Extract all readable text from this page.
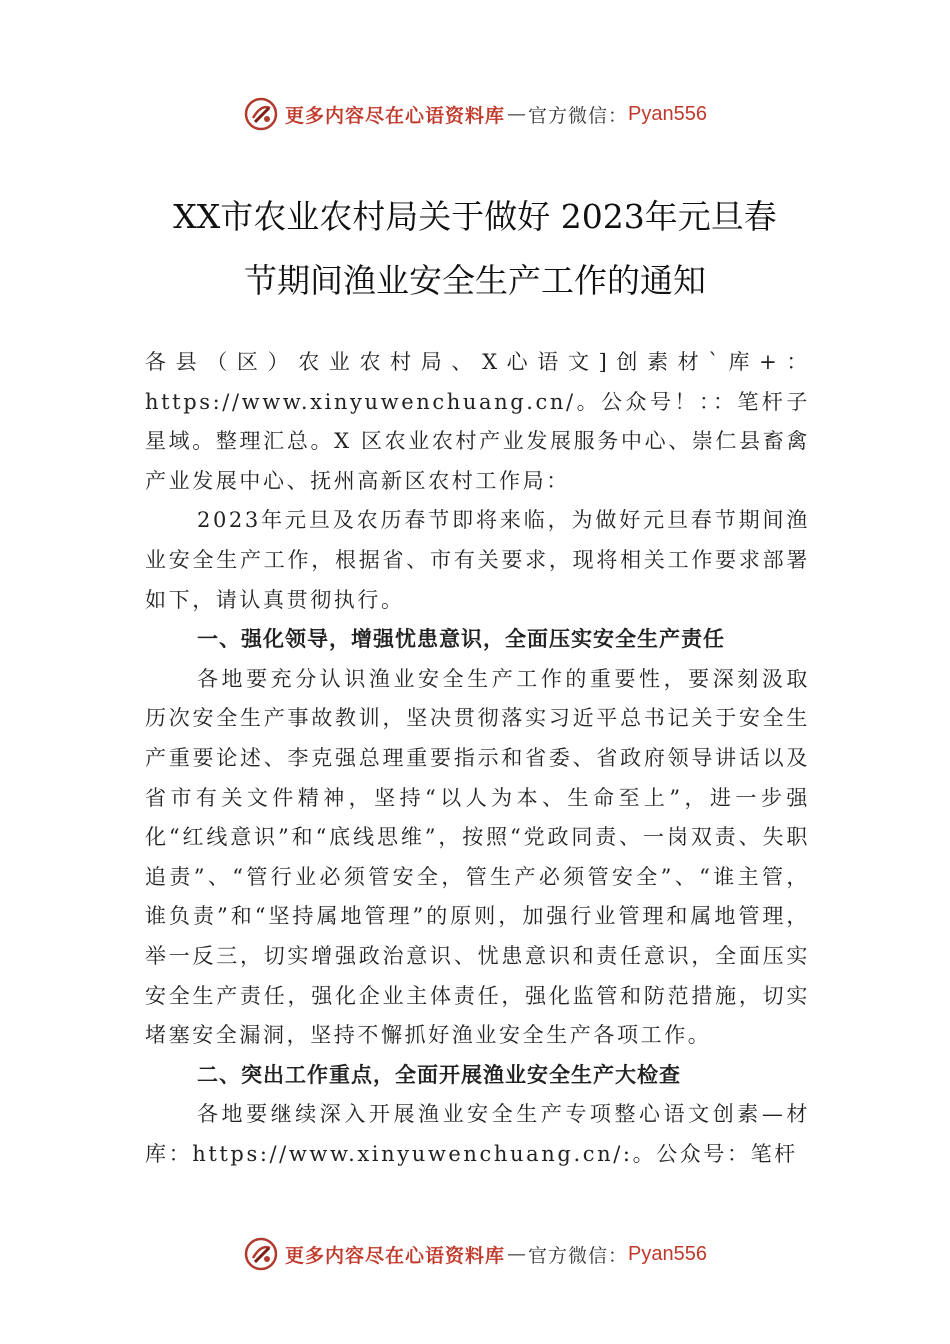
更多内容尽在心语资料库 — 官方微信： Pyan556
XX市农业农村局关于做好 2023年元旦春
节期间渔业安全生产工作的通知

各县（区）农业农村局、X心语文]创素材`库+：https://www.xinyuwenchuang.cn/。公众号！：：笔杆子星域。整理汇总。X 区农业农村产业发展服务中心、崇仁县畜禽产业发展中心、抚州高新区农村工作局：

2023年元旦及农历春节即将来临，为做好元旦春节期间渔业安全生产工作，根据省、市有关要求，现将相关工作要求部署如下，请认真贯彻执行。

一、强化领导，增强忧患意识，全面压实安全生产责任

各地要充分认识渔业安全生产工作的重要性，要深刻汲取历次安全生产事故教训，坚决贯彻落实习近平总书记关于安全生产重要论述、李克强总理重要指示和省委、省政府领导讲话以及省市有关文件精神，坚持“以人为本、生命至上”，进一步强化“红线意识”和“底线思维”，按照“党政同责、一岗双责、失职追责”、“管行业必须管安全，管生产必须管安全”、“谁主管，谁负责”和“坚持属地管理”的原则，加强行业管理和属地管理，举一反三，切实增强政治意识、忧患意识和责任意识，全面压实安全生产责任，强化企业主体责任，强化监管和防范措施，切实堵塞安全漏洞，坚持不懈抓好渔业安全生产各项工作。

二、突出工作重点，全面开展渔业安全生产大检查

各地要继续深入开展渔业安全生产专项整心语文创素—材库：https://www.xinyuwenchuang.cn/:。公众号：笔杆

更多内容尽在心语资料库 — 官方微信： Pyan556
